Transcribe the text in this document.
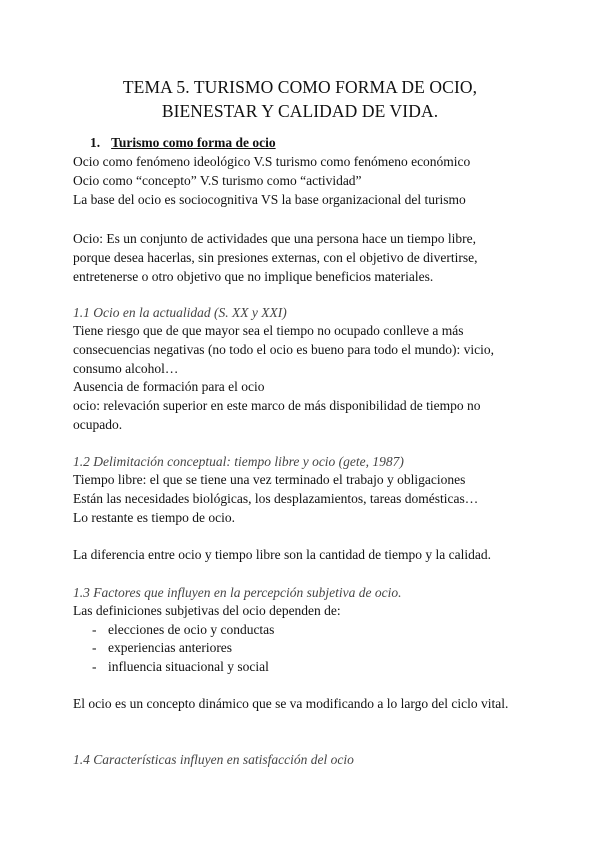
TEMA 5. TURISMO COMO FORMA DE OCIO,
BIENESTAR Y CALIDAD DE VIDA.
1. Turismo como forma de ocio
Ocio como fenómeno ideológico V.S turismo como fenómeno económico
Ocio como “concepto” V.S turismo como “actividad”
La base del ocio es sociocognitiva VS la base organizacional del turismo
Ocio: Es un conjunto de actividades que una persona hace un tiempo libre,
porque desea hacerlas, sin presiones externas, con el objetivo de divertirse,
entretenerse o otro objetivo que no implique beneficios materiales.
1.1 Ocio en la actualidad (S. XX y XXI)
Tiene riesgo que de que mayor sea el tiempo no ocupado conlleve a más
consecuencias negativas (no todo el ocio es bueno para todo el mundo): vicio,
consumo alcohol…
Ausencia de formación para el ocio
ocio: relevación superior en este marco de más disponibilidad de tiempo no
ocupado.
1.2 Delimitación conceptual: tiempo libre y ocio (gete, 1987)
Tiempo libre: el que se tiene una vez terminado el trabajo y obligaciones
Están las necesidades biológicas, los desplazamientos, tareas domésticas…
Lo restante es tiempo de ocio.
La diferencia entre ocio y tiempo libre son la cantidad de tiempo y la calidad.
1.3 Factores que influyen en la percepción subjetiva de ocio.
Las definiciones subjetivas del ocio dependen de:
- elecciones de ocio y conductas
- experiencias anteriores
- influencia situacional y social
El ocio es un concepto dinámico que se va modificando a lo largo del ciclo vital.
1.4 Características influyen en satisfacción del ocio
